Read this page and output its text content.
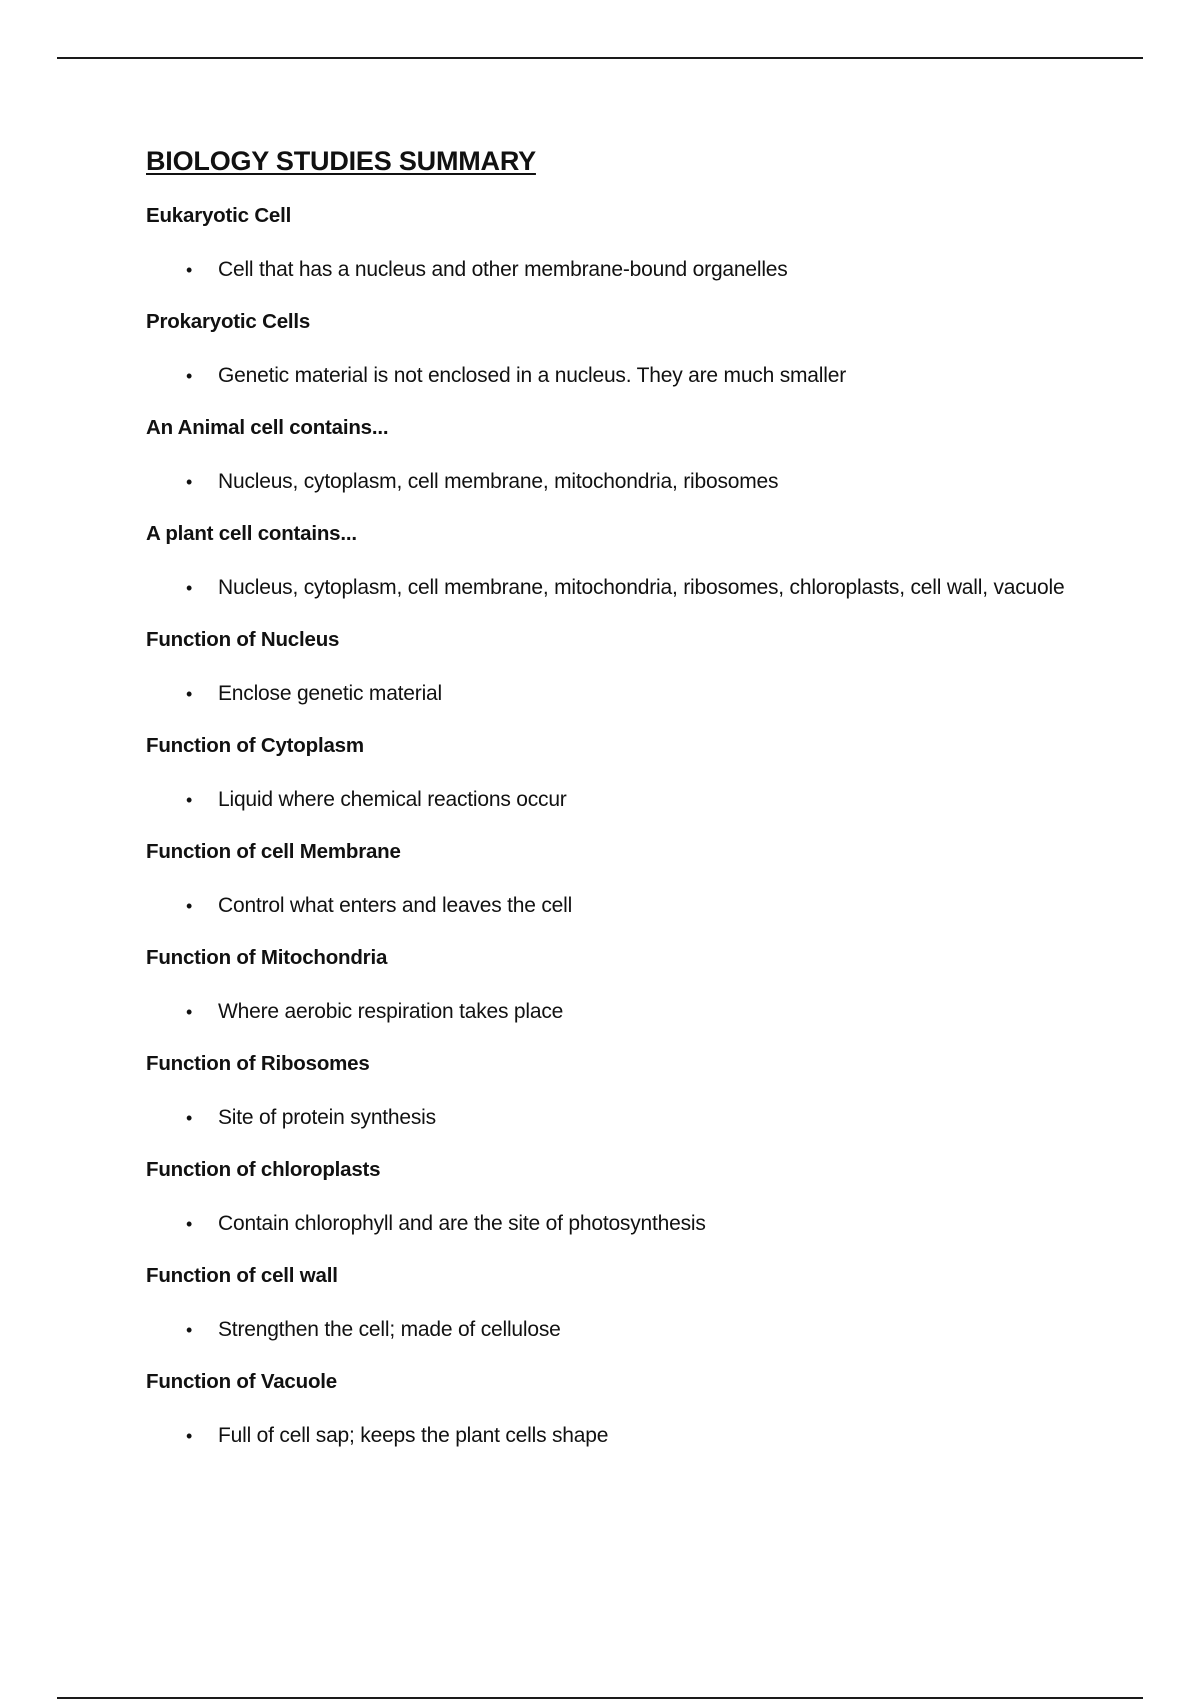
BIOLOGY STUDIES SUMMARY
Eukaryotic Cell
• Cell that has a nucleus and other membrane-bound organelles
Prokaryotic Cells
• Genetic material is not enclosed in a nucleus. They are much smaller
An Animal cell contains...
• Nucleus, cytoplasm, cell membrane, mitochondria, ribosomes
A plant cell contains...
• Nucleus, cytoplasm, cell membrane, mitochondria, ribosomes, chloroplasts, cell wall, vacuole
Function of Nucleus
• Enclose genetic material
Function of Cytoplasm
• Liquid where chemical reactions occur
Function of cell Membrane
• Control what enters and leaves the cell
Function of Mitochondria
• Where aerobic respiration takes place
Function of Ribosomes
• Site of protein synthesis
Function of chloroplasts
• Contain chlorophyll and are the site of photosynthesis
Function of cell wall
• Strengthen the cell; made of cellulose
Function of Vacuole
• Full of cell sap; keeps the plant cells shape
